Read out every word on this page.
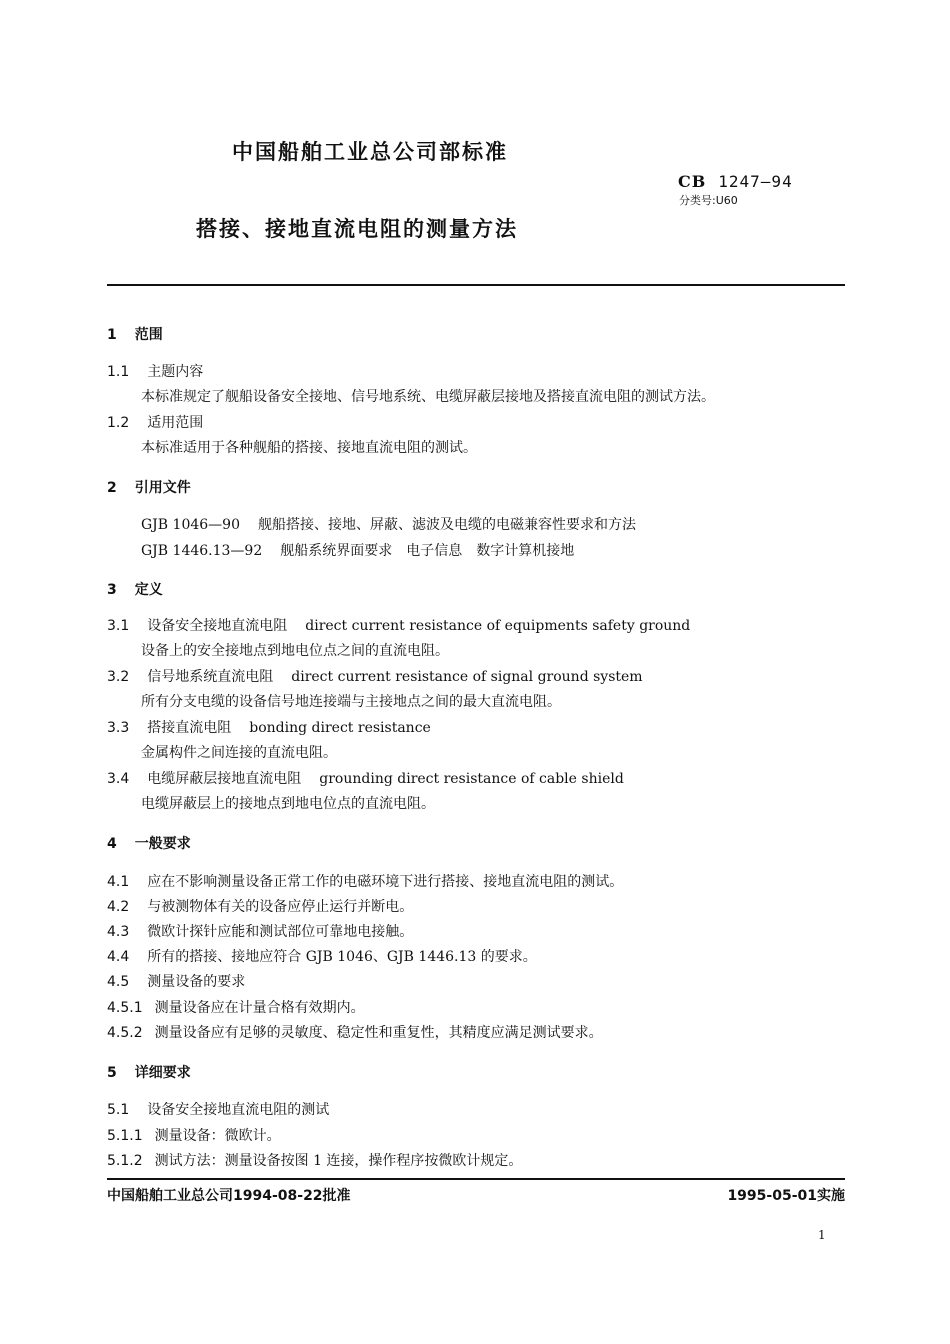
中国船舶工业总公司部标准
CB 1247—94
分类号:U60
搭接、接地直流电阻的测量方法
1 范围
1.1 主题内容
本标准规定了舰船设备安全接地、信号地系统、电缆屏蔽层接地及搭接直流电阻的测试方法。
1.2 适用范围
本标准适用于各种舰船的搭接、接地直流电阻的测试。
2 引用文件
GJB 1046—90 舰船搭接、接地、屏蔽、滤波及电缆的电磁兼容性要求和方法
GJB 1446.13—92 舰船系统界面要求　电子信息　数字计算机接地
3 定义
3.1 设备安全接地直流电阻 direct current resistance of equipments safety ground
设备上的安全接地点到地电位点之间的直流电阻。
3.2 信号地系统直流电阻 direct current resistance of signal ground system
所有分支电缆的设备信号地连接端与主接地点之间的最大直流电阻。
3.3 搭接直流电阻 bonding direct resistance
金属构件之间连接的直流电阻。
3.4 电缆屏蔽层接地直流电阻 grounding direct resistance of cable shield
电缆屏蔽层上的接地点到地电位点的直流电阻。
4 一般要求
4.1 应在不影响测量设备正常工作的电磁环境下进行搭接、接地直流电阻的测试。
4.2 与被测物体有关的设备应停止运行并断电。
4.3 微欧计探针应能和测试部位可靠地电接触。
4.4 所有的搭接、接地应符合 GJB 1046、GJB 1446.13 的要求。
4.5 测量设备的要求
4.5.1 测量设备应在计量合格有效期内。
4.5.2 测量设备应有足够的灵敏度、稳定性和重复性，其精度应满足测试要求。
5 详细要求
5.1 设备安全接地直流电阻的测试
5.1.1 测量设备：微欧计。
5.1.2 测试方法：测量设备按图 1 连接，操作程序按微欧计规定。
中国船舶工业总公司1994-08-22批准	1995-05-01实施
1
